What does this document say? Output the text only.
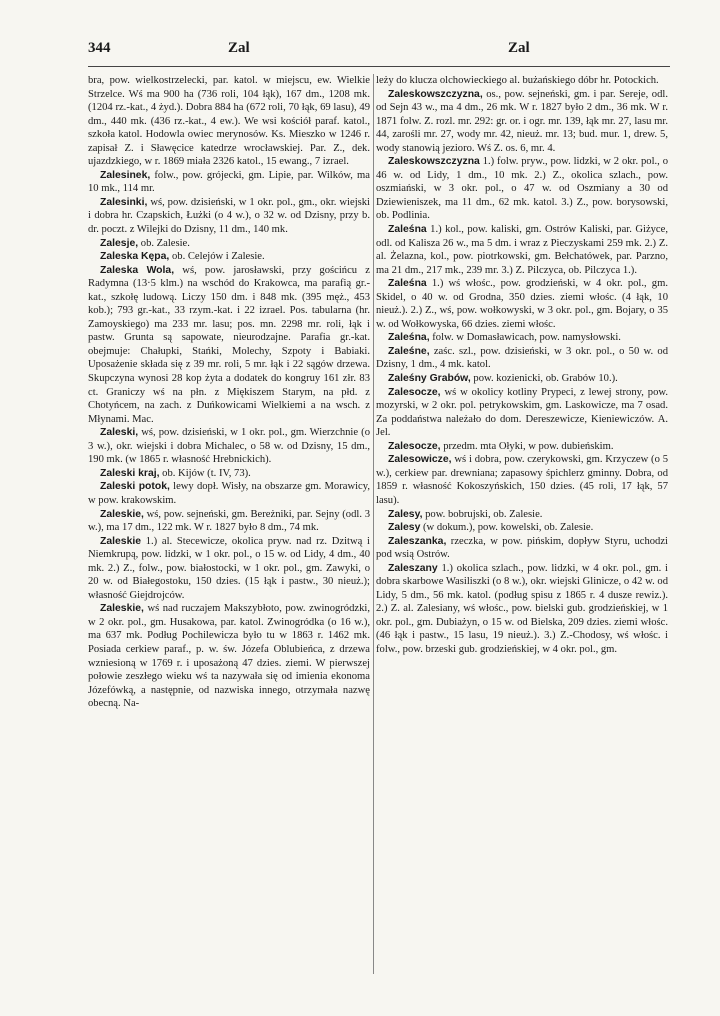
344	Zal	Zal

bra, pow. wielkostrzelecki, par. katol. w miejscu, ew. Wielkie Strzelce. Wś ma 900 ha (736 roli, 104 łąk), 167 dm., 1208 mk. (1204 rz.-kat., 4 żyd.). Dobra 884 ha (672 roli, 70 łąk, 69 lasu), 49 dm., 440 mk. (436 rz.-kat., 4 ew.). We wsi kościół paraf. katol., szkoła katol. Hodowla owiec merynosów. Ks. Mieszko w 1246 r. zapisał Z. i Sławęcice katedrze wrocławskiej. Par. Z., dek. ujazdzkiego, w r. 1869 miała 2326 katol., 15 ewang., 7 izrael.

Zalesinek, folw., pow. grójecki, gm. Lipie, par. Wilków, ma 10 mk., 114 mr.

Zalesinki, wś, pow. dzisieński, w 1 okr. pol., gm., okr. wiejski i dobra hr. Czapskich, Łużki (o 4 w.), o 32 w. od Dzisny, przy b. dr. poczt. z Wilejki do Dzisny, 11 dm., 140 mk.

Zalesje, ob. Zalesie.

Zaleska Kępa, ob. Celejów i Zalesie.

Zaleska Wola, wś, pow. jarosławski, przy gościńcu z Radymna (13·5 klm.) na wschód do Krakowca, ma parafią gr.-kat., szkołę ludową. Liczy 150 dm. i 848 mk. (395 męż., 453 kob.); 793 gr.-kat., 33 rzym.-kat. i 22 izrael. Pos. tabularna (hr. Zamoyskiego) ma 233 mr. lasu; pos. mn. 2298 mr. roli, łąk i pastw. Grunta są sapowate, nieurodzajne. Parafia gr.-kat. obejmuje: Chałupki, Stańki, Molechy, Szpoty i Babiaki. Uposażenie składa się z 39 mr. roli, 5 mr. łąk i 22 sągów drzewa. Skupczyna wynosi 28 kop żyta a dodatek do kongruy 161 złr. 83 ct. Graniczy wś na płn. z Miękiszem Starym, na płd. z Chotyńcem, na zach. z Duńkowicami Wielkiemi a na wsch. z Młynami. Mac.

Zaleski, wś, pow. dzisieński, w 1 okr. pol., gm. Wierzchnie (o 3 w.), okr. wiejski i dobra Michalec, o 58 w. od Dzisny, 15 dm., 190 mk. (w 1865 r. własność Hrebnickich).

Zaleski kraj, ob. Kijów (t. IV, 73).

Zaleski potok, lewy dopł. Wisły, na obszarze gm. Morawicy, w pow. krakowskim.

Zaleskie, wś, pow. sejneński, gm. Bereżniki, par. Sejny (odl. 3 w.), ma 17 dm., 122 mk. W r. 1827 było 8 dm., 74 mk.

Zaleskie 1.) al. Stecewicze, okolica pryw. nad rz. Dzitwą i Niemkrupą, pow. lidzki, w 1 okr. pol., o 15 w. od Lidy, 4 dm., 40 mk. 2.) Z., folw., pow. białostocki, w 1 okr. pol., gm. Zawyki, o 20 w. od Białegostoku, 150 dzies. (15 łąk i pastw., 30 nieuż.); własność Giejdrojców.

Zaleskie, wś nad ruczajem Makszybłoto, pow. zwinogródzki, w 2 okr. pol., gm. Husakowa, par. katol. Zwinogródka (o 16 w.), ma 637 mk. Podług Pochilewicza było tu w 1863 r. 1462 mk. Posiada cerkiew paraf., p. w. św. Józefa Oblubieńca, z drzewa wzniesioną w 1769 r. i uposażoną 47 dzies. ziemi. W pierwszej połowie zeszłego wieku wś ta nazywała się od imienia ekonoma Józefówką, a następnie, od nazwiska innego, otrzymała nazwę obecną. Na-

leży do klucza olchowieckiego al. bużańskiego dóbr hr. Potockich.

Zaleskowszczyzna, os., pow. sejneński, gm. i par. Sereje, odl. od Sejn 43 w., ma 4 dm., 26 mk. W r. 1827 było 2 dm., 36 mk. W r. 1871 folw. Z. rozl. mr. 292: gr. or. i ogr. mr. 139, łąk mr. 27, lasu mr. 44, zarośli mr. 27, wody mr. 42, nieuż. mr. 13; bud. mur. 1, drew. 5, wody stanowią jezioro. Wś Z. os. 6, mr. 4.

Zaleskowszczyzna 1.) folw. pryw., pow. lidzki, w 2 okr. pol., o 46 w. od Lidy, 1 dm., 10 mk. 2.) Z., okolica szlach., pow. oszmiański, w 3 okr. pol., o 47 w. od Oszmiany a 30 od Dziewieniszek, ma 11 dm., 62 mk. katol. 3.) Z., pow. borysowski, ob. Podlinia.

Zaleśna 1.) kol., pow. kaliski, gm. Ostrów Kaliski, par. Giżyce, odl. od Kalisza 26 w., ma 5 dm. i wraz z Pieczyskami 259 mk. 2.) Z. al. Żelazna, kol., pow. piotrkowski, gm. Bełchatówek, par. Parzno, ma 21 dm., 217 mk., 239 mr. 3.) Z. Pilczyca, ob. Pilczyca 1.).

Zaleśna 1.) wś włośc., pow. grodzieński, w 4 okr. pol., gm. Skidel, o 40 w. od Grodna, 350 dzies. ziemi włośc. (4 łąk, 10 nieuż.). 2.) Z., wś, pow. wołkowyski, w 3 okr. pol., gm. Bojary, o 35 w. od Wołkowyska, 66 dzies. ziemi włośc.

Zaleśna, folw. w Domasławicach, pow. namysłowski.

Zaleśne, zaśc. szl., pow. dzisieński, w 3 okr. pol., o 50 w. od Dzisny, 1 dm., 4 mk. katol.

Zaleśny Grabów, pow. kozienicki, ob. Grabów 10.).

Zalesocze, wś w okolicy kotliny Prypeci, z lewej strony, pow. mozyrski, w 2 okr. pol. petrykowskim, gm. Laskowicze, ma 7 osad. Za poddaństwa należało do dom. Dereszewicze, Kieniewiczów. A. Jel.

Zalesocze, przedm. mta Ołyki, w pow. dubieńskim.

Zalesowicze, wś i dobra, pow. czerykowski, gm. Krzyczew (o 5 w.), cerkiew par. drewniana; zapasowy śpichlerz gminny. Dobra, od 1859 r. własność Kokoszyńskich, 150 dzies. (45 roli, 17 łąk, 57 lasu).

Zalesy, pow. bobrujski, ob. Zalesie.

Zalesy (w dokum.), pow. kowelski, ob. Zalesie.

Zaleszanka, rzeczka, w pow. pińskim, dopływ Styru, uchodzi pod wsią Ostrów.

Zaleszany 1.) okolica szlach., pow. lidzki, w 4 okr. pol., gm. i dobra skarbowe Wasiliszki (o 8 w.), okr. wiejski Glinicze, o 42 w. od Lidy, 5 dm., 56 mk. katol. (podług spisu z 1865 r. 4 dusze rewiz.). 2.) Z. al. Zalesiany, wś włośc., pow. bielski gub. grodzieńskiej, w 1 okr. pol., gm. Dubiażyn, o 15 w. od Bielska, 209 dzies. ziemi włośc. (46 łąk i pastw., 15 lasu, 19 nieuż.). 3.) Z.-Chodosy, wś włośc. i folw., pow. brzeski gub. grodzieńskiej, w 4 okr. pol., gm.
